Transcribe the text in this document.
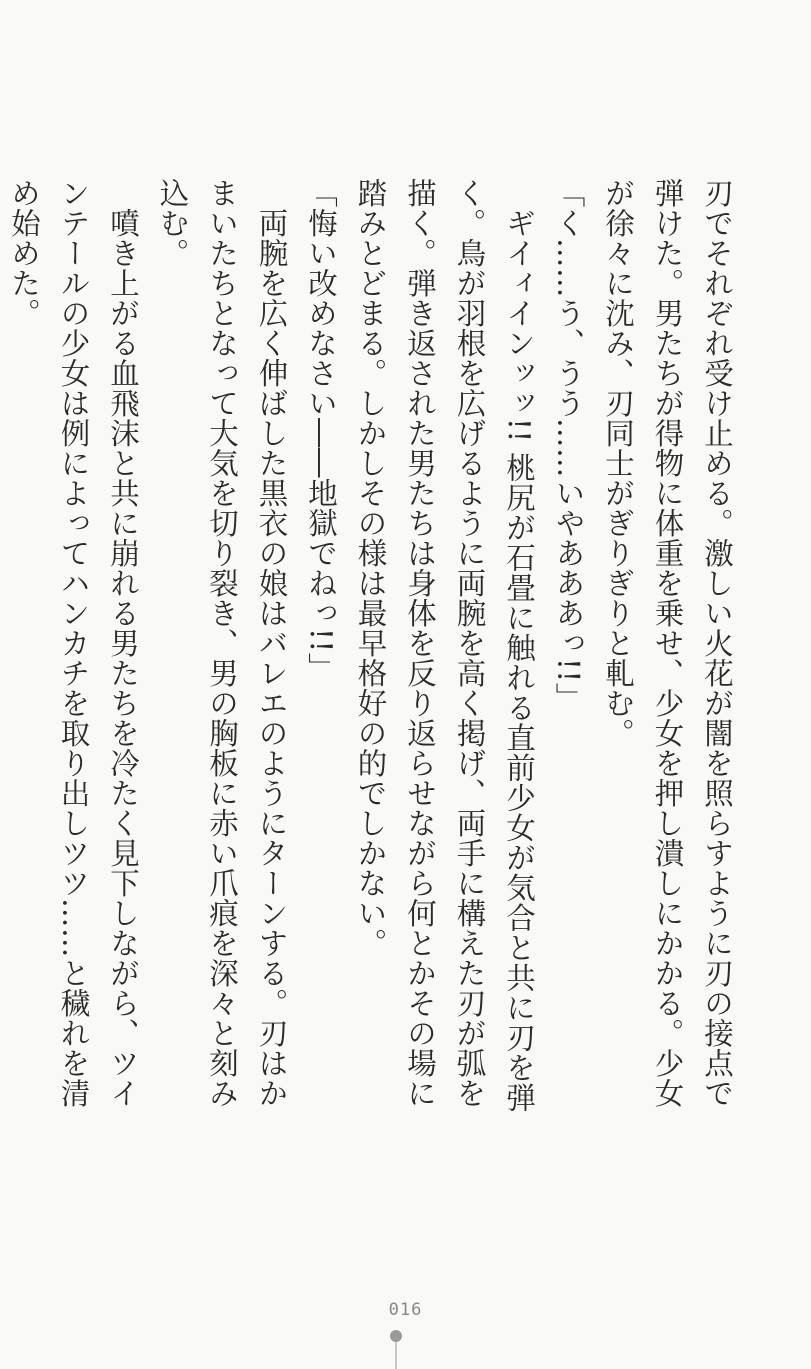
刃でそれぞれ受け止める。激しい火花が闇を照らすように刃の接点で弾けた。男たちが得物に体重を乗せ、少女を押し潰しにかかる。少女が徐々に沈み、刃同士がぎりぎりと軋む。

「く……う、うう……いやあああっ!!」

ギイィインッッ!! 桃尻が石畳に触れる直前少女が気合と共に刃を弾く。鳥が羽根を広げるように両腕を高く掲げ、両手に構えた刃が弧を描く。弾き返された男たちは身体を反り返らせながら何とかその場に踏みとどまる。しかしその様は最早格好の的でしかない。

「悔い改めなさい――地獄でねっ!!」

両腕を広く伸ばした黒衣の娘はバレエのようにターンする。刃はかまいたちとなって大気を切り裂き、男の胸板に赤い爪痕を深々と刻み込む。

噴き上がる血飛沫と共に崩れる男たちを冷たく見下しながら、ツインテールの少女は例によってハンカチを取り出しツツ……と穢れを清め始めた。

016
